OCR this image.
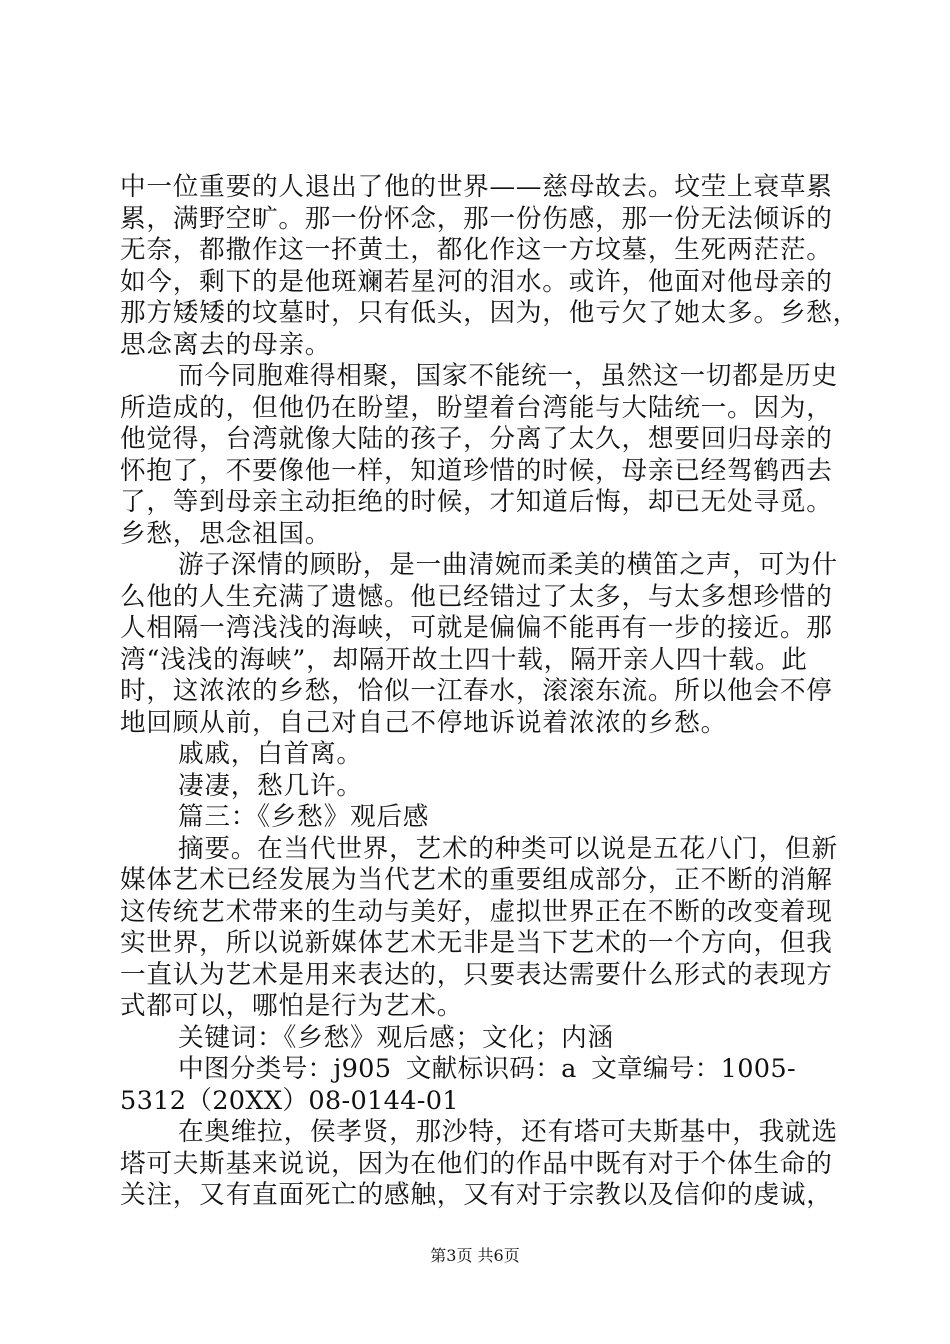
中一位重要的人退出了他的世界——慈母故去。坟茔上衰草累
累，满野空旷。那一份怀念，那一份伤感，那一份无法倾诉的
无奈，都撒作这一抔黄土，都化作这一方坟墓，生死两茫茫。
如今，剩下的是他斑斓若星河的泪水。或许，他面对他母亲的
那方矮矮的坟墓时，只有低头，因为，他亏欠了她太多。乡愁，
思念离去的母亲。
而今同胞难得相聚，国家不能统一，虽然这一切都是历史
所造成的，但他仍在盼望，盼望着台湾能与大陆统一。因为，
他觉得，台湾就像大陆的孩子，分离了太久，想要回归母亲的
怀抱了，不要像他一样，知道珍惜的时候，母亲已经驾鹤西去
了，等到母亲主动拒绝的时候，才知道后悔，却已无处寻觅。
乡愁，思念祖国。
游子深情的顾盼，是一曲清婉而柔美的横笛之声，可为什
么他的人生充满了遗憾。他已经错过了太多，与太多想珍惜的
人相隔一湾浅浅的海峡，可就是偏偏不能再有一步的接近。那
湾“浅浅的海峡”，却隔开故土四十载，隔开亲人四十载。此
时，这浓浓的乡愁，恰似一江春水，滚滚东流。所以他会不停
地回顾从前，自己对自己不停地诉说着浓浓的乡愁。
戚戚，白首离。
凄凄，愁几许。
篇三：《乡愁》观后感
摘要。在当代世界，艺术的种类可以说是五花八门，但新
媒体艺术已经发展为当代艺术的重要组成部分，正不断的消解
这传统艺术带来的生动与美好，虚拟世界正在不断的改变着现
实世界，所以说新媒体艺术无非是当下艺术的一个方向，但我
一直认为艺术是用来表达的，只要表达需要什么形式的表现方
式都可以，哪怕是行为艺术。
关键词：《乡愁》观后感；文化；内涵
中图分类号：j905 文献标识码：a 文章编号：1005-
5312（20XX）08-0144-01
在奥维拉，侯孝贤，那沙特，还有塔可夫斯基中，我就选
塔可夫斯基来说说，因为在他们的作品中既有对于个体生命的
关注，又有直面死亡的感触，又有对于宗教以及信仰的虔诚，
第3页 共6页
